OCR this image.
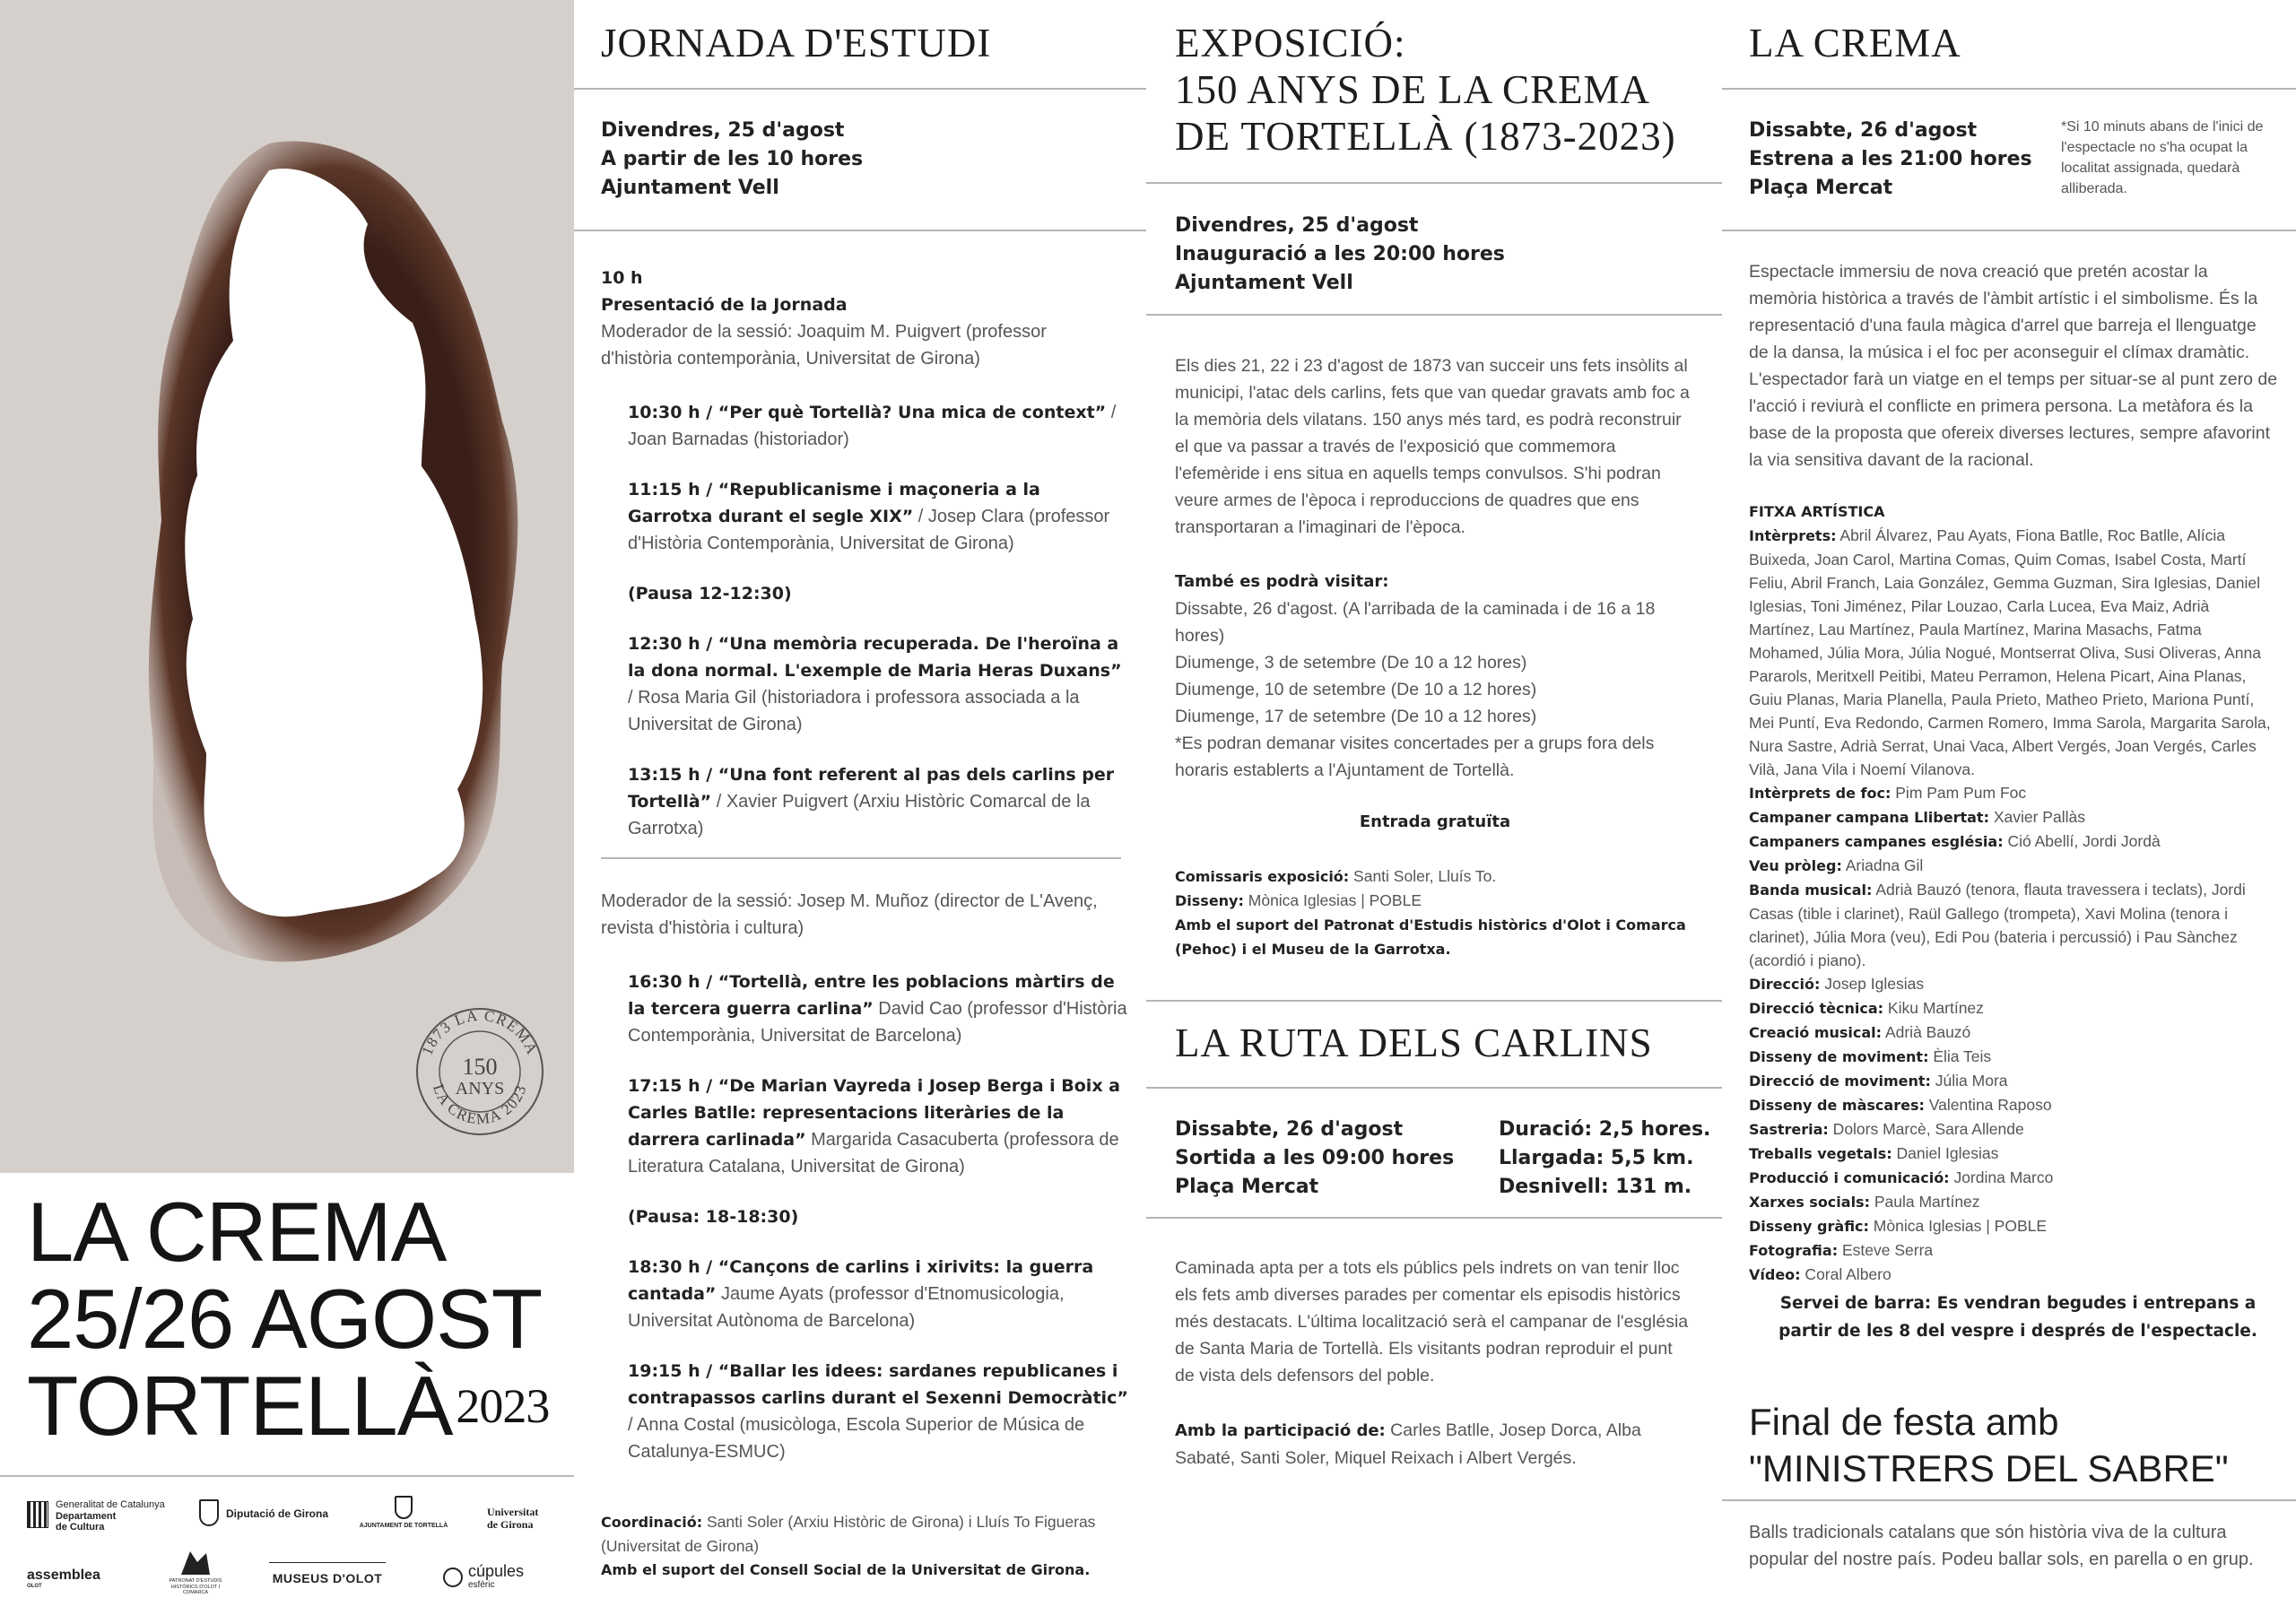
1873 LA CREMA
LA CREMA 2023
150
ANYS
LA CREMA
25/26 AGOST
$TORTELLÀ^{2023}$
Generalitat de Catalunya
Departament
de Cultura
Diputació de Girona
AJUNTAMENT DE TORTELLÀ
Universitat
de Girona
assemblea
OLOT
PATRONAT D'ESTUDIS HISTÒRICS D'OLOT I COMARCA
MUSEUS D'OLOT	cúpules
esfèric
JORNADA D'ESTUDI
Divendres, 25 d'agost
A partir de les 10 hores
Ajuntament Vell
10 h
Presentació de la Jornada
Moderador de la sessió: Joaquim M. Puigvert (professor d'història contemporània, Universitat de Girona)
10:30 h / “Per què Tortellà? Una mica de context” / Joan Barnadas (historiador)
11:15 h / “Republicanisme i maçoneria a la Garrotxa durant el segle XIX” / Josep Clara (professor d'Història Contemporània, Universitat de Girona)
(Pausa 12-12:30)
12:30 h / “Una memòria recuperada. De l'heroïna a la dona normal. L'exemple de Maria Heras Duxans” / Rosa Maria Gil (historiadora i professora associada a la Universitat de Girona)
13:15 h / “Una font referent al pas dels carlins per Tortellà” / Xavier Puigvert (Arxiu Històric Comarcal de la Garrotxa)
Moderador de la sessió: Josep M. Muñoz (director de L'Avenç, revista d'història i cultura)
16:30 h / “Tortellà, entre les poblacions màrtirs de la tercera guerra carlina” David Cao (professor d'Història Contemporània, Universitat de Barcelona)
17:15 h / “De Marian Vayreda i Josep Berga i Boix a Carles Batlle: representacions literàries de la darrera carlinada” Margarida Casacuberta (professora de Literatura Catalana, Universitat de Girona)
(Pausa: 18-18:30)
18:30 h / “Cançons de carlins i xirivits: la guerra cantada” Jaume Ayats (professor d'Etnomusicologia, Universitat Autònoma de Barcelona)
19:15 h / “Ballar les idees: sardanes republicanes i contrapassos carlins durant el Sexenni Democràtic” / Anna Costal (musicòloga, Escola Superior de Música de Catalunya-ESMUC)
Coordinació: Santi Soler (Arxiu Històric de Girona) i Lluís To Figueras (Universitat de Girona)
Amb el suport del Consell Social de la Universitat de Girona.
EXPOSICIÓ:
150 ANYS DE LA CREMA
DE TORTELLÀ (1873-2023)
Divendres, 25 d'agost
Inauguració a les 20:00 hores
Ajuntament Vell
Els dies 21, 22 i 23 d'agost de 1873 van succeir uns fets insòlits al municipi, l'atac dels carlins, fets que van quedar gravats amb foc a la memòria dels vilatans. 150 anys més tard, es podrà reconstruir el que va passar a través de l'exposició que commemora l'efemèride i ens situa en aquells temps convulsos. S'hi podran veure armes de l'època i reproduccions de quadres que ens transportaran a l'imaginari de l'època.
També es podrà visitar:
Dissabte, 26 d'agost. (A l'arribada de la caminada i de 16 a 18 hores)
Diumenge, 3 de setembre (De 10 a 12 hores)
Diumenge, 10 de setembre (De 10 a 12 hores)
Diumenge, 17 de setembre (De 10 a 12 hores)
*Es podran demanar visites concertades per a grups fora dels horaris establerts a l'Ajuntament de Tortellà.
Entrada gratuïta
Comissaris exposició: Santi Soler, Lluís To.
Disseny: Mònica Iglesias | POBLE
Amb el suport del Patronat d'Estudis històrics d'Olot i Comarca (Pehoc) i el Museu de la Garrotxa.
LA RUTA DELS CARLINS
Dissabte, 26 d'agost
Sortida a les 09:00 hores
Plaça Mercat
Duració: 2,5 hores.
Llargada: 5,5 km.
Desnivell: 131 m.
Caminada apta per a tots els públics pels indrets on van tenir lloc els fets amb diverses parades per comentar els episodis històrics més destacats. L'última localització serà el campanar de l'església de Santa Maria de Tortellà. Els visitants podran reproduir el punt de vista dels defensors del poble.
Amb la participació de: Carles Batlle, Josep Dorca, Alba Sabaté, Santi Soler, Miquel Reixach i Albert Vergés.
LA CREMA
Dissabte, 26 d'agost
Estrena a les 21:00 hores
Plaça Mercat
*Si 10 minuts abans de l'inici de l'espectacle no s'ha ocupat la localitat assignada, quedarà alliberada.
Espectacle immersiu de nova creació que pretén acostar la memòria històrica a través de l'àmbit artístic i el simbolisme. És la representació d'una faula màgica d'arrel que barreja el llenguatge de la dansa, la música i el foc per aconseguir el clímax dramàtic. L'espectador farà un viatge en el temps per situar-se al punt zero de l'acció i reviurà el conflicte en primera persona. La metàfora és la base de la proposta que ofereix diverses lectures, sempre afavorint la via sensitiva davant de la racional.
FITXA ARTÍSTICA
Intèrprets: Abril Álvarez, Pau Ayats, Fiona Batlle, Roc Batlle, Alícia Buixeda, Joan Carol, Martina Comas, Quim Comas, Isabel Costa, Martí Feliu, Abril Franch, Laia González, Gemma Guzman, Sira Iglesias, Daniel Iglesias, Toni Jiménez, Pilar Louzao, Carla Lucea, Eva Maiz, Adrià Martínez, Lau Martínez, Paula Martínez, Marina Masachs, Fatma Mohamed, Júlia Mora, Júlia Nogué, Montserrat Oliva, Susi Oliveras, Anna Pararols, Meritxell Peitibi, Mateu Perramon, Helena Picart, Aina Planas, Guiu Planas, Maria Planella, Paula Prieto, Matheo Prieto, Mariona Puntí, Mei Puntí, Eva Redondo, Carmen Romero, Imma Sarola, Margarita Sarola, Nura Sastre, Adrià Serrat, Unai Vaca, Albert Vergés, Joan Vergés, Carles Vilà, Jana Vila i Noemí Vilanova.
Intèrprets de foc: Pim Pam Pum Foc
Campaner campana Llibertat: Xavier Pallàs
Campaners campanes església: Ció Abellí, Jordi Jordà
Veu pròleg: Ariadna Gil
Banda musical: Adrià Bauzó (tenora, flauta travessera i teclats), Jordi Casas (tible i clarinet), Raül Gallego (trompeta), Xavi Molina (tenora i clarinet), Júlia Mora (veu), Edi Pou (bateria i percussió) i Pau Sànchez (acordió i piano).
Direcció: Josep Iglesias
Direcció tècnica: Kiku Martínez
Creació musical: Adrià Bauzó
Disseny de moviment: Èlia Teis
Direcció de moviment: Júlia Mora
Disseny de màscares: Valentina Raposo
Sastreria: Dolors Marcè, Sara Allende
Treballs vegetals: Daniel Iglesias
Producció i comunicació: Jordina Marco
Xarxes socials: Paula Martínez
Disseny gràfic: Mònica Iglesias | POBLE
Fotografia: Esteve Serra
Vídeo: Coral Albero
Servei de barra: Es vendran begudes i entrepans a partir de les 8 del vespre i després de l'espectacle.
Final de festa amb
"MINISTRERS DEL SABRE"
Balls tradicionals catalans que són història viva de la cultura popular del nostre país. Podeu ballar sols, en parella o en grup.
